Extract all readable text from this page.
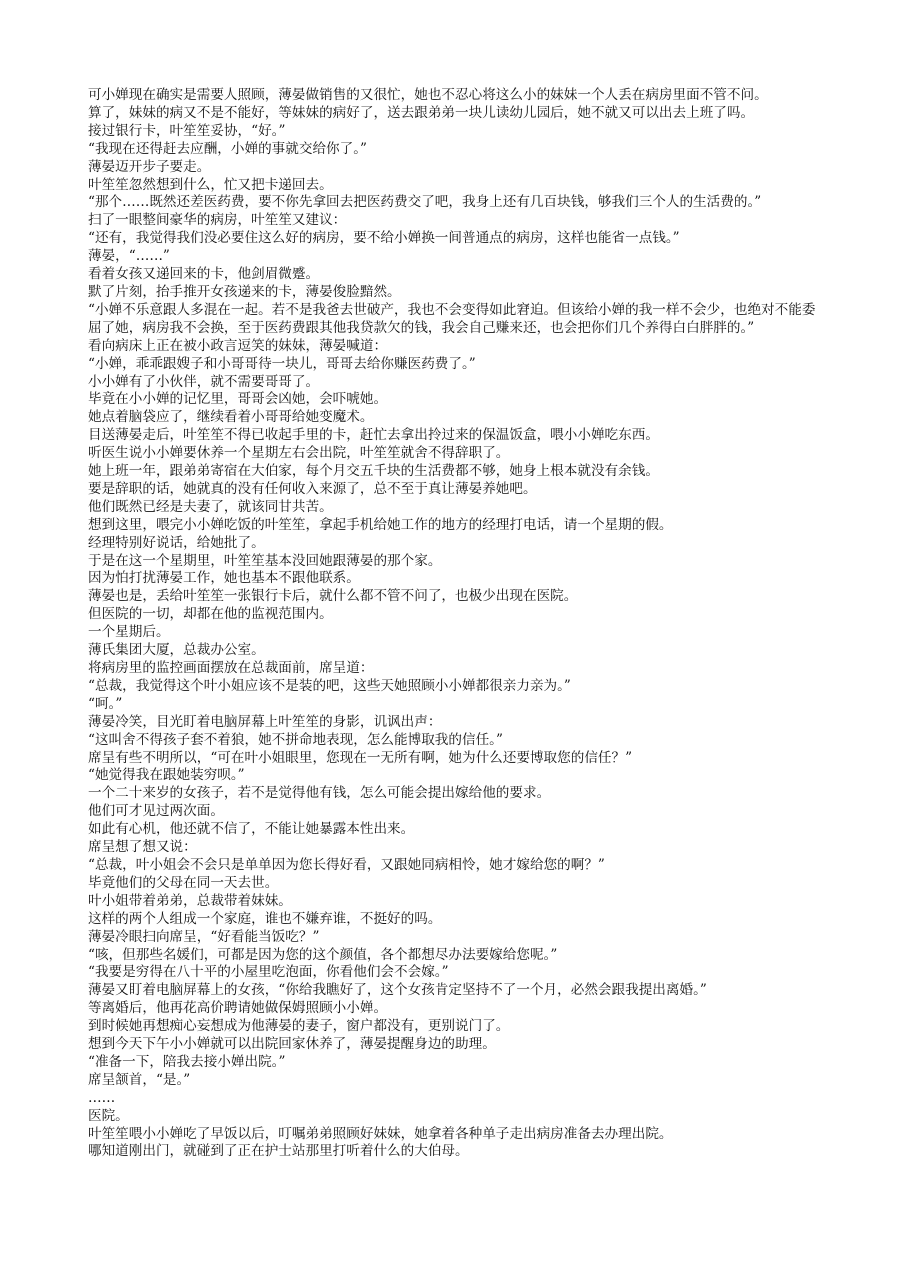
可小婵现在确实是需要人照顾，薄晏做销售的又很忙，她也不忍心将这么小的妹妹一个人丢在病房里面不管不问。

算了，妹妹的病又不是不能好，等妹妹的病好了，送去跟弟弟一块儿读幼儿园后，她不就又可以出去上班了吗。

接过银行卡，叶笙笙妥协，“好。”

“我现在还得赶去应酬，小婵的事就交给你了。”

薄晏迈开步子要走。

叶笙笙忽然想到什么，忙又把卡递回去。

“那个……既然还差医药费，要不你先拿回去把医药费交了吧，我身上还有几百块钱，够我们三个人的生活费的。”

扫了一眼整间豪华的病房，叶笙笙又建议：

“还有，我觉得我们没必要住这么好的病房，要不给小婵换一间普通点的病房，这样也能省一点钱。”

薄晏，“……”

看着女孩又递回来的卡，他剑眉微蹙。

默了片刻，抬手推开女孩递来的卡，薄晏俊脸黯然。

“小婵不乐意跟人多混在一起。若不是我爸去世破产，我也不会变得如此窘迫。但该给小婵的我一样不会少，也绝对不能委屈了她，病房我不会换，至于医药费跟其他我贷款欠的钱，我会自己赚来还，也会把你们几个养得白白胖胖的。”

看向病床上正在被小政言逗笑的妹妹，薄晏喊道：

“小婵，乖乖跟嫂子和小哥哥待一块儿，哥哥去给你赚医药费了。”

小小婵有了小伙伴，就不需要哥哥了。

毕竟在小小婵的记忆里，哥哥会凶她，会吓唬她。

她点着脑袋应了，继续看着小哥哥给她变魔术。

目送薄晏走后，叶笙笙不得已收起手里的卡，赶忙去拿出拎过来的保温饭盒，喂小小婵吃东西。

听医生说小小婵要休养一个星期左右会出院，叶笙笙就舍不得辞职了。

她上班一年，跟弟弟寄宿在大伯家，每个月交五千块的生活费都不够，她身上根本就没有余钱。

要是辞职的话，她就真的没有任何收入来源了，总不至于真让薄晏养她吧。

他们既然已经是夫妻了，就该同甘共苦。

想到这里，喂完小小婵吃饭的叶笙笙，拿起手机给她工作的地方的经理打电话，请一个星期的假。

经理特别好说话，给她批了。

于是在这一个星期里，叶笙笙基本没回她跟薄晏的那个家。

因为怕打扰薄晏工作，她也基本不跟他联系。

薄晏也是，丢给叶笙笙一张银行卡后，就什么都不管不问了，也极少出现在医院。

但医院的一切，却都在他的监视范围内。

一个星期后。

薄氏集团大厦，总裁办公室。

将病房里的监控画面摆放在总裁面前，席呈道：

“总裁，我觉得这个叶小姐应该不是装的吧，这些天她照顾小小婵都很亲力亲为。”

“呵。”

薄晏冷笑，目光盯着电脑屏幕上叶笙笙的身影，讥讽出声：

“这叫舍不得孩子套不着狼，她不拼命地表现，怎么能博取我的信任。”

席呈有些不明所以，“可在叶小姐眼里，您现在一无所有啊，她为什么还要博取您的信任？”

“她觉得我在跟她装穷呗。”

一个二十来岁的女孩子，若不是觉得他有钱，怎么可能会提出嫁给他的要求。

他们可才见过两次面。

如此有心机，他还就不信了，不能让她暴露本性出来。

席呈想了想又说：

“总裁，叶小姐会不会只是单单因为您长得好看，又跟她同病相怜，她才嫁给您的啊？”

毕竟他们的父母在同一天去世。

叶小姐带着弟弟，总裁带着妹妹。

这样的两个人组成一个家庭，谁也不嫌弃谁，不挺好的吗。

薄晏冷眼扫向席呈，“好看能当饭吃？”

“咳，但那些名媛们，可都是因为您的这个颜值，各个都想尽办法要嫁给您呢。”

“我要是穷得在八十平的小屋里吃泡面，你看他们会不会嫁。”

薄晏又盯着电脑屏幕上的女孩，“你给我瞧好了，这个女孩肯定坚持不了一个月，必然会跟我提出离婚。”

等离婚后，他再花高价聘请她做保姆照顾小小婵。

到时候她再想痴心妄想成为他薄晏的妻子，窗户都没有，更别说门了。

想到今天下午小小婵就可以出院回家休养了，薄晏提醒身边的助理。

“准备一下，陪我去接小婵出院。”

席呈颔首，“是。”

……

医院。

叶笙笙喂小小婵吃了早饭以后，叮嘱弟弟照顾好妹妹，她拿着各种单子走出病房准备去办理出院。

哪知道刚出门，就碰到了正在护士站那里打听着什么的大伯母。
